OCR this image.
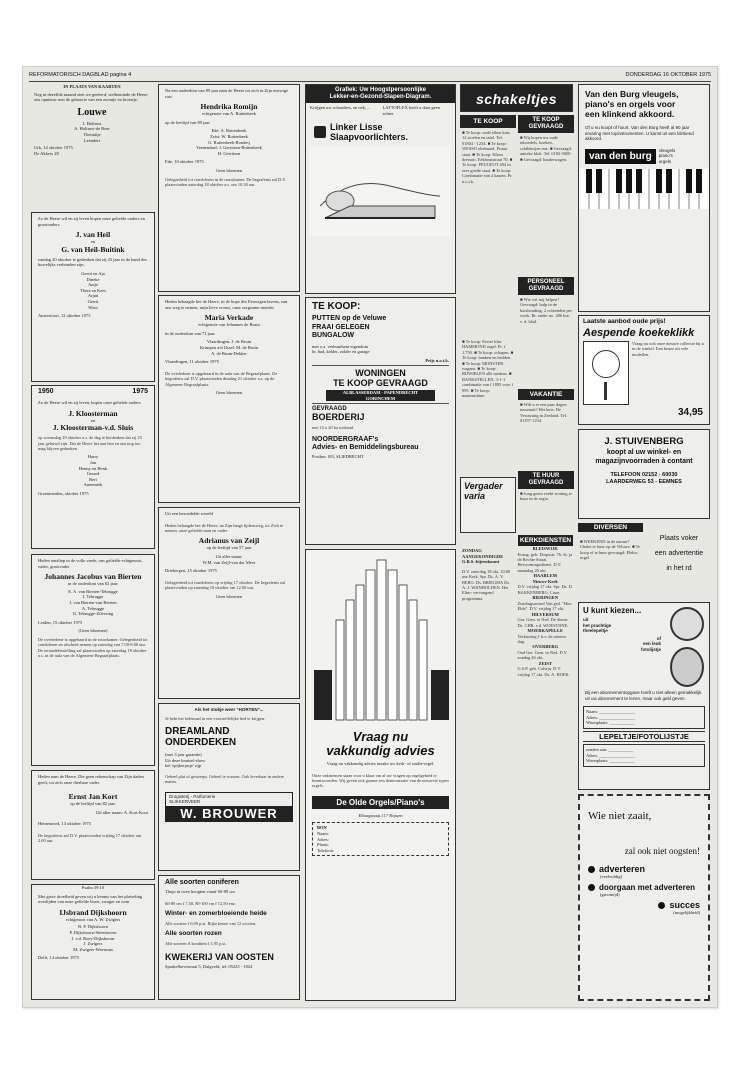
REFORMATORISCH DAGBLAD pagina 4	DONDERDAG 16 OKTOBER 1975
IN PLAATS VAN KAARTEN
Nog in dezelfde maand zien we geeëerd, welbeminde de Heere ons opnieuw met de geboorte van een zoontje en broertje.
Louwe
J. Holtrust
A. Holtrust-de Boer
Theunitje
Leendert
Urk, 14 oktober 1975
De Akkers 28
Zo de Heere wil en zij leven hopen onze geliefde ouders en grootouders
J. van Heil
en
G. van Heil-Buitink
vandag 20 oktober te gedenken dat zij 25 jaar in de band des huwelijks verbonden zijn.
Gerrit en Aja
Dineke
Antje
Thera en Kees
Arjan
Gerrit
Wout
Amersfoort, 12 oktober 1975
1950	1975
Zo de Heere wil en zij leven, hopen onze geliefde ouders
J. Kloosterman
en
J. Kloosterman-v.d. Sluis
op woensdag 29 oktober a.s. de dag te herdenken dat zij 25 jaar gehuwd zijn. Dat de Heere het aan hen en ons nog toe mag blijven gedenken.
Harry
Jan
Henny en Henk
Gerard
Bert
Annemiek
Groenmeulen, oktober 1975
Heden ontsliep in de volle vrede, ons geliefde echtgenoot, vader, grootvader
Johannes Jacobus van Bierten
in de ouderdom van 82 jaar.
E. A. van Bierten-Tebrugge
J. Tebrugge
J. van Bierten-van Bierten
A. Tebrugge
G. Tebrugge-Zilvering
Leiden, 15 oktober 1975
(Geen bloemen)
De overledene is opgebaard in de rouwkamer. Gelegenheid tot condoleren en afscheid nemen op zaterdag van 7.00-8.00 uur. De teraardebestelling zal plaatsvinden op zaterdag 18 oktober a.s. in de aula van de Algemene Begraafplaats.
Heden nam de Heere, Die geen rekenschap van Zijn daden geeft, tot zich onze dierbare vader
Ernst Jan Kort
op de leeftijd van 82 jaar.
Uit aller naam: A. Kort-Kooi
Heinenoord, 13 oktober 1975
De begrafenis zal D.V. plaatsvinden vrijdag 17 oktober om 2.00 uur.
Psalm 39:10
Met grote droefheid geven wij u kennis van het plotseling overlijden van onze geliefde broer, zwager en oom
IJsbrand Dijkshoorn
echtgenoot van A. W. Zwigers
B. P. Dijkshoorn
P. Dijkshoorn-Steenhoven
J. v.d. Roey-Dijkshoorn
J. Zwigers
M. Zwigers-Weerman
Delft, 14 oktober 1975
Na een ouderdom van 89 jaar nam de Heere tot zich in Zijn eeuwige rust
Hendrika Romijn
echtgenote van A. Ruitenbeek
op de leeftijd van 89 jaar
Ede: A. Ruitenbeek
Zeist: W. Ruitenbeek
G. Ruitenbeek-Rondeij
Veenendaal: J. Gerritsen-Ruitenbeek
H. Gerritsen
Ede, 10 oktober 1975
Geen bloemen
Gelegenheid tot condoleren in de rouwkamer. De begrafenis zal D.V. plaatsvinden zaterdag 18 oktober a.s. om 10.30 uur.
Heden behaagde het de Heere, in de hope des Eeuwigen levens, van ons weg te nemen, mijn lieve vrouw, onze zorgzame moeder
Maria Verkade
echtgenote van Johannes de Bruin
in de ouderdom van 71 jaar.
Vlaardingen: J. de Bruin
Krimpen a/d IJssel: M. de Bruin
A. de Bruin-Dekker
Vlaardingen, 11 oktober 1975
De overledene is opgebaard in de aula van de Begraafplaats. De begrafenis zal D.V. plaatsvinden dinsdag 21 oktober a.s. op de Algemene Begraafplaats.
Geen bloemen
Uit een bezoedelde wereld
Heden behaagde het de Heere, na Zijn lange lijdensweg, tot Zich te nemen, onze geliefde man en vader
Adrianus van Zeijl
op de leeftijd van 57 jaar
Uit aller naam:
W.M. van Zeijl-van der Meer
Driebergen, 15 oktober 1975
Gelegenheid tot condoleren op vrijdag 17 oktober. De begrafenis zal plaatsvinden op zaterdag 18 oktober om 12.00 uur.
Geen bloemen
Als het stukje weer "HORTEN"...
Je hebt het helemaal in een voortreffelijke bed te krijgen.
DREAMLAND
ONDERDEKEN
(met 3 jaar garantie)
Uit deze knutsel-show
het 'spijkerjasje' rijp
Geheel plat of gestreept. Geheel te wassen. Ook leverbaar in andere maten.
Drogisterij - Parfumerie
SLIKKERVEER
W. BROUWER
Alle soorten coniferen
Thuja in twee hoogten vanaf 60-80 cm
60-80 cm f 7,50, 80-100 cm f 12,50 enz.
Winter- en zomerbloeiende heide
Alle soorten f 0,90 p.st. Rijke keuze van 12 soorten.
Alle soorten rozen
Alle soorten A kwaliteit f 1,95 p.st.
KWEKERIJ VAN OOSTEN
Sprakelhovestraat 5, Dalgveld, tel. 05225 - 1024
Grafiek: Uw Hoogstpersoonlijke
Lekker-en-Gezond-Slapen-Diagram.
Kriijgen uw schouders, en nek, ...	LATTOFLEX heeft u daar geen achter
Linker Lisse
Slaapvoorlichters.
TE KOOP:
PUTTEN op de Veluwe
FRAAI GELEGEN
BUNGALOW
met o.a. verhuurbaar eigendom
ln. bad, kelder, zolder en garage
Prijs n.o.t.k.
WONINGEN
TE KOOP GEVRAAGD
ALBLASSERDAM - PAPENDRECHT
GORINCHEM
GEVRAAGD
BOERDERIJ
met 15 à 20 ha weiland.
NOORDERGRAAF's
Advies- en Bemiddelingsbureau
Postbus 183, SLIEDRECHT
Vraag nu
vakkundig advies
Vraag nu vakkundig advies inzake uw kerk- of studie-orgel.
Onze vakmensen staan voor u klaar om al uw vragen op orgelgebied te beantwoorden. Wij geven ook gaarne een demonstratie van de nieuwste typen orgels.
De Olde Orgels/Piano's
Elburgstraat 117 Rijssen
BON
Naam:
Adres:
Plaats:
Telefoon:
schakeltjes
TE KOOP
■ Te koop: oude eiken kast, 12 stoelen en tafel. Tel. 01804 - 1234. ■ Te koop: WESSO oliehaard. Prima staat. ■ Te koop: Eiken dressoir. Eekhoutstraat 70. ■ Te koop: PEUGEOT 404 in zeer goede staat. ■ Te koop: Combinatie van 2 kasten. Pr. n.o.t.k.
TE KOOP
GEVRAAGD
■ Wij kopen uw oude inboedels, boeken, schilderijen enz. ■ Gevraagd: antieke klok. Tel. 0182-5000. ■ Gevraagd: kinderwagen.
PERSONEEL
GEVRAAGD
■ Wie wil mij helpen? Gevraagd: hulp in de huishouding, 2 ochtenden per week. Br. onder no. 286 bur. v. d. blad.
VAKANTIE
■ Wilt u er een paar dagen tussenuit? Het huis: De Verrassing in Zeeland. Tel. 01197-1234.
TE HUUR
GEVRAAGD
■ Jong gezin zoekt woning te huur in de regio.
■ Te koop: Eerste klas HAMMOND orgel. Pr. f 1.750. ■ Te koop: schapen. ■ Te koop: banken en bedden. ■ Te koop: MONSTER wagens. ■ Te koop: RIJWIELEN alle merken. ■ BANKSTELLEN, 3-1-1 combinatie van f 1895 voor f 995. ■ Te koop: naaimachine.
Vergader
varia
KERKDIENSTEN
ZONDAG
AANGEKONDIGDE
G.B.S.-bijeenkomst
D.V. zaterdag 18 okt. 10.00 uur Kerk. Spr. Ds. A. V. BERG. Ds. BRIEGMA Ds. A. J. WIJNHOLDEN. Het Elim- vervangend programma.
BLEISWIJK
Evang. geb. Dorpsstr. 76. St. ja de Rechte Straat. Hervormingsdienst. D.V. maandag 20 okt.
HAARLEM
Nieuwe Kerk
D.V. vrijdag 17 okt. Spr. Ds. D. HAKKENBERG, Lisse.
BIERINGEN
Zendingsavond Van ged. "Hou Elde". D.V. vrijdag 17 okt.
HILVERSUM
Gur. Gem. te Ned. De dienst. Ds. CHR. v.d. WOESTIJNE.
MOERKAPELLE
Verkiezing 1 h.v. de nieuwe dag.
OVERBERG
Oud Ger. Gem. in Ned. D.V. zondag 26 okt.
ZEIST
G.S.P. geb. Calvijn. D.V. vrijdag 17 okt. Ds. A. HOEK.
Van den Burg vleugels,
piano's en orgels voor
een klinkend akkoord.
Of u nu koopt of huurt. Van den Burg heeft al 90 jaar ervaring met topinstrumenten. U kunst uit een klinkend akkoord.
van den burg
vleugels
piano's
orgels
Laatste aanbod oude prijs!
Aespende koekeklikk
Vraag nu ook onze nieuwe collectie bij u in de winkel. Een keuze uit vele modellen.
34,95
J. STUIVENBERG
koopt al uw winkel- en
magazijnvoorraden à contant
TELEFOON 02152 - 60030
LAARDERWEG 53 - EEMNES
DIVERSEN
■ WEEKEND in de natuur? Chalet te huur op de Veluwe. ■ Te koop of te huur gevraagd: Elektr. orgel.
Plaats voker
een advertentie
in het rd
U kunt kiezen...
uit
het prachtige
theelepeltje
of
een leuk
fotolijstje
Bij een abonnementopgave hoeft u niet alleen gemakkelijk uit uw abonnement te lezen, maar ook geld geven.
Naam: ________________
Adres: ________________
Woonplaats: ___________
LEPELTJE/FOTOLIJSTJE
zenden aan: ___________
Adres: ________________
Woonplaats: ___________
Wie niet zaait,
zal ook niet oogsten!
adverteren
(veelvuldig)
doorgaan met adverteren
(grootnijd)
succes
(mogelijkheid)
